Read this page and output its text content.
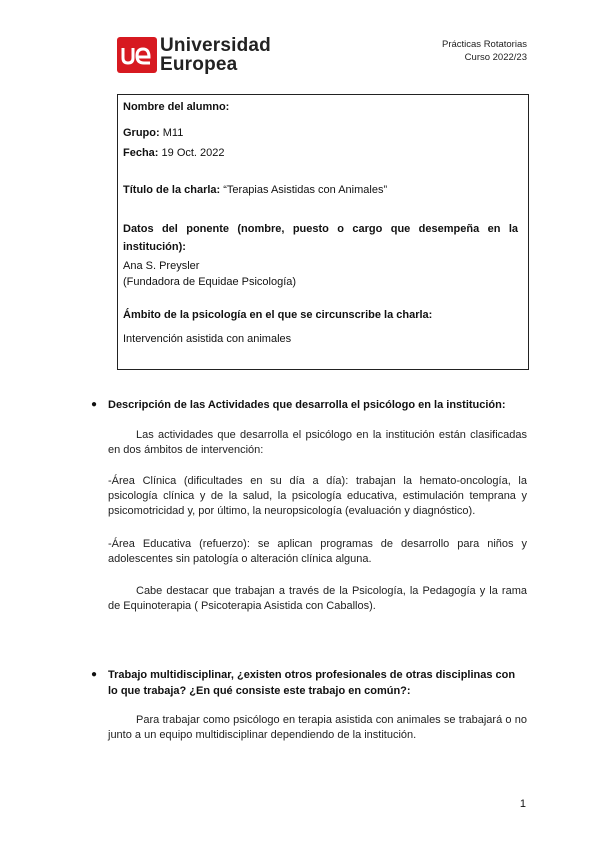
Universidad
Europea
Prácticas Rotatorias
Curso 2022/23
Nombre del alumno:
Grupo: M11
Fecha: 19 Oct. 2022
Título de la charla: “Terapias Asistidas con Animales”
Datos del ponente (nombre, puesto o cargo que desempeña en la
institución):
Ana S. Preysler
(Fundadora de Equidae Psicología)
Ámbito de la psicología en el que se circunscribe la charla:
Intervención asistida con animales
● Descripción de las Actividades que desarrolla el psicólogo en la institución:
Las actividades que desarrolla el psicólogo en la institución están clasificadas en dos ámbitos de intervención:
-Área Clínica (dificultades en su día a día): trabajan la hemato-oncología, la psicología clínica y de la salud, la psicología educativa, estimulación temprana y psicomotricidad y, por último, la neuropsicología (evaluación y diagnóstico).
-Área Educativa (refuerzo): se aplican programas de desarrollo para niños y adolescentes sin patología o alteración clínica alguna.
Cabe destacar que trabajan a través de la Psicología, la Pedagogía y la rama de Equinoterapia ( Psicoterapia Asistida con Caballos).
● Trabajo multidisciplinar, ¿existen otros profesionales de otras disciplinas con lo que trabaja? ¿En qué consiste este trabajo en común?:
Para trabajar como psicólogo en terapia asistida con animales se trabajará o no junto a un equipo multidisciplinar dependiendo de la institución.
1
